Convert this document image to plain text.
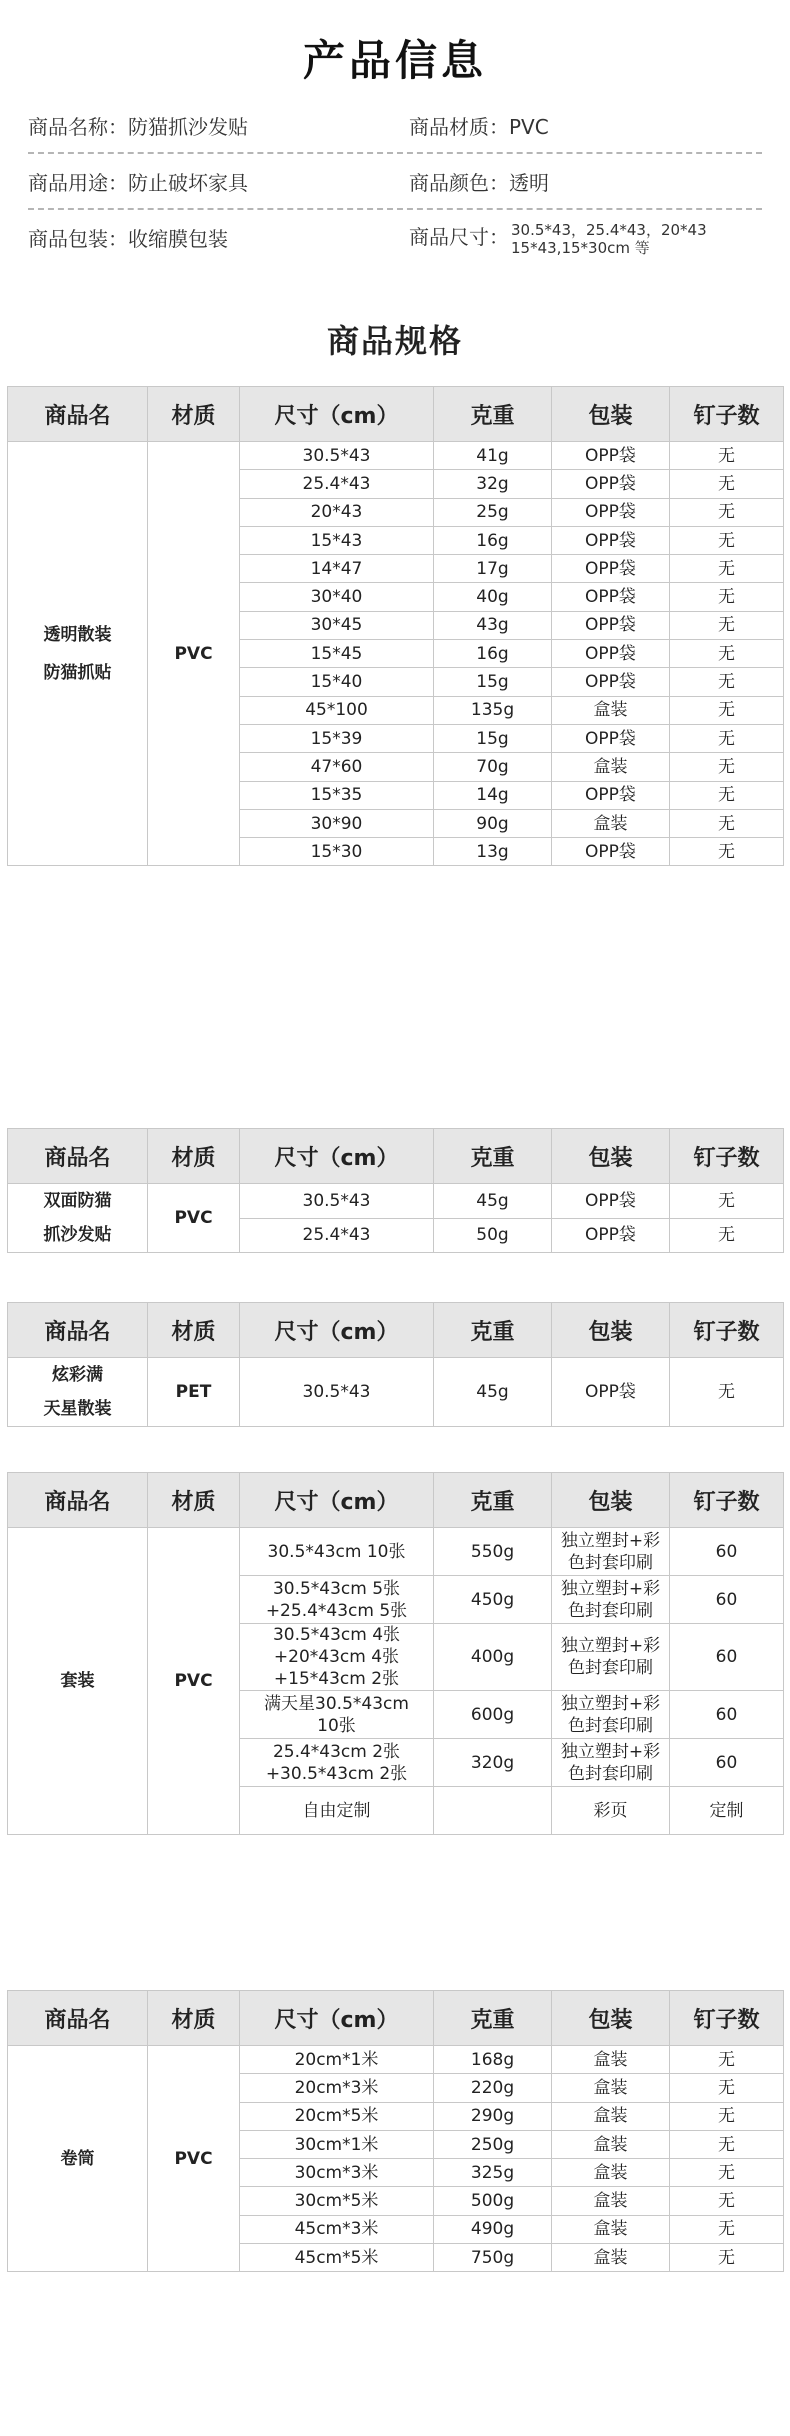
产品信息
商品名称：防猫抓沙发贴	商品材质：PVC
商品用途：防止破坏家具	商品颜色：透明
商品包装：收缩膜包装	商品尺寸： 30.5*43，25.4*43，20*43
15*43,15*30cm 等
商品规格
商品名	材质	尺寸（cm）	克重	包装	钉子数
透明散装
防猫抓贴	PVC	30.5*43	41g	OPP袋	无
		25.4*43	32g	OPP袋	无
		20*43	25g	OPP袋	无
		15*43	16g	OPP袋	无
		14*47	17g	OPP袋	无
		30*40	40g	OPP袋	无
		30*45	43g	OPP袋	无
		15*45	16g	OPP袋	无
		15*40	15g	OPP袋	无
		45*100	135g	盒装	无
		15*39	15g	OPP袋	无
		47*60	70g	盒装	无
		15*35	14g	OPP袋	无
		30*90	90g	盒装	无
		15*30	13g	OPP袋	无
商品名	材质	尺寸（cm）	克重	包装	钉子数
双面防猫
抓沙发贴	PVC	30.5*43	45g	OPP袋	无
		25.4*43	50g	OPP袋	无
商品名	材质	尺寸（cm）	克重	包装	钉子数
炫彩满
天星散装	PET	30.5*43	45g	OPP袋	无
商品名	材质	尺寸（cm）	克重	包装	钉子数
套装	PVC	30.5*43cm 10张	550g	独立塑封+彩
色封套印刷	60
		30.5*43cm 5张
+25.4*43cm 5张	450g	独立塑封+彩
色封套印刷	60
		30.5*43cm 4张
+20*43cm 4张
+15*43cm 2张	400g	独立塑封+彩
色封套印刷	60
		满天星30.5*43cm
10张	600g	独立塑封+彩
色封套印刷	60
		25.4*43cm 2张
+30.5*43cm 2张	320g	独立塑封+彩
色封套印刷	60
		自由定制		彩页	定制
商品名	材质	尺寸（cm）	克重	包装	钉子数
卷筒	PVC	20cm*1米	168g	盒装	无
		20cm*3米	220g	盒装	无
		20cm*5米	290g	盒装	无
		30cm*1米	250g	盒装	无
		30cm*3米	325g	盒装	无
		30cm*5米	500g	盒装	无
		45cm*3米	490g	盒装	无
		45cm*5米	750g	盒装	无
